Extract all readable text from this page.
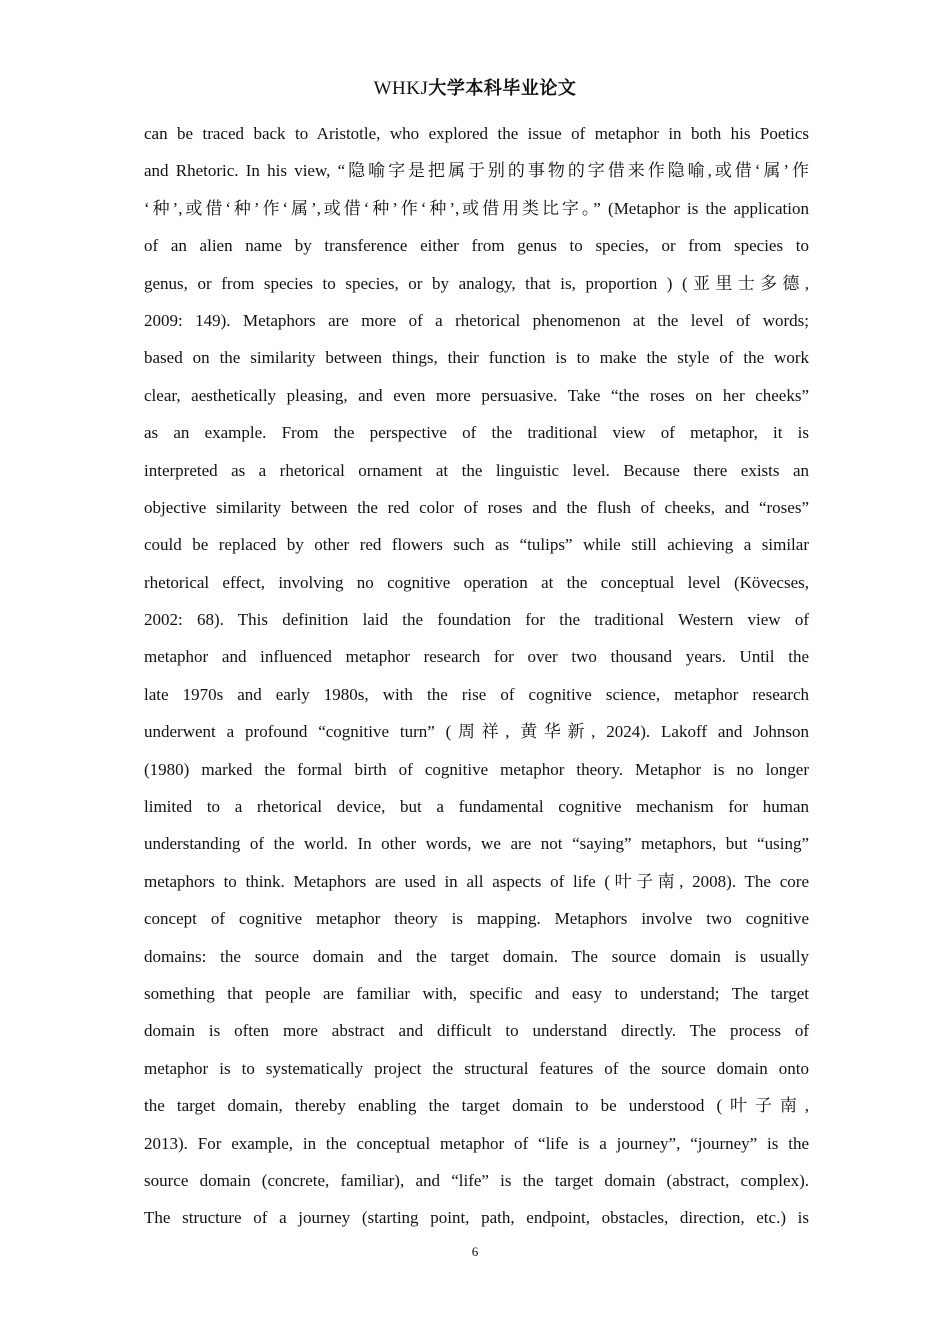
WHKJ大学本科毕业论文
can be traced back to Aristotle, who explored the issue of metaphor in both his Poetics
and Rhetoric. In his view, “隐喻字是把属于别的事物的字借来作隐喻,或借‘属’作
‘种’,或借‘种’作‘属’,或借‘种’作‘种’,或借用类比字。” (Metaphor is the application
of an alien name by transference either from genus to species, or from species to
genus, or from species to species, or by analogy, that is, proportion ) (亚里士多德,
2009: 149). Metaphors are more of a rhetorical phenomenon at the level of words;
based on the similarity between things, their function is to make the style of the work
clear, aesthetically pleasing, and even more persuasive. Take “the roses on her cheeks”
as an example. From the perspective of the traditional view of metaphor, it is
interpreted as a rhetorical ornament at the linguistic level. Because there exists an
objective similarity between the red color of roses and the flush of cheeks, and “roses”
could be replaced by other red flowers such as “tulips” while still achieving a similar
rhetorical effect, involving no cognitive operation at the conceptual level (Kövecses,
2002: 68). This definition laid the foundation for the traditional Western view of
metaphor and influenced metaphor research for over two thousand years. Until the
late 1970s and early 1980s, with the rise of cognitive science, metaphor research
underwent a profound “cognitive turn” (周祥, 黄华新, 2024). Lakoff and Johnson
(1980) marked the formal birth of cognitive metaphor theory. Metaphor is no longer
limited to a rhetorical device, but a fundamental cognitive mechanism for human
understanding of the world. In other words, we are not “saying” metaphors, but “using”
metaphors to think. Metaphors are used in all aspects of life (叶子南, 2008). The core
concept of cognitive metaphor theory is mapping. Metaphors involve two cognitive
domains: the source domain and the target domain. The source domain is usually
something that people are familiar with, specific and easy to understand; The target
domain is often more abstract and difficult to understand directly. The process of
metaphor is to systematically project the structural features of the source domain onto
the target domain, thereby enabling the target domain to be understood (叶子南,
2013). For example, in the conceptual metaphor of “life is a journey”, “journey” is the
source domain (concrete, familiar), and “life” is the target domain (abstract, complex).
The structure of a journey (starting point, path, endpoint, obstacles, direction, etc.) is
6
